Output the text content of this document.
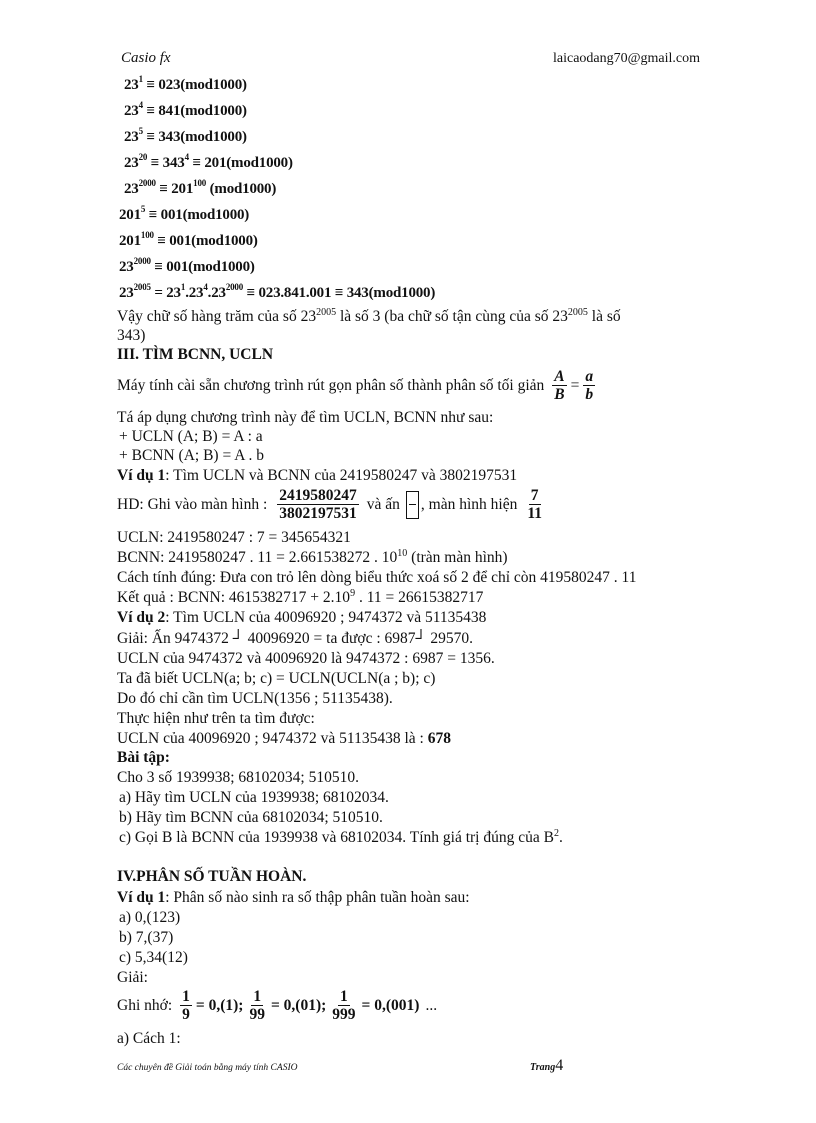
Casio fx	laicaodang70@gmail.com
$23^1 \equiv 023(mod1000)$
$23^4 \equiv 841(mod1000)$
$23^5 \equiv 343(mod1000)$
$23^{20} \equiv 343^4 \equiv 201(mod1000)$
$23^{2000} \equiv 201^{100}$ (mod1000)
$201^5 \equiv 001(mod1000)$
$201^{100} \equiv 001(mod1000)$
$23^{2000} \equiv 001(mod1000)$
$23^{2005} = 23^1.23^4.23^{2000} \equiv 023.841.001 \equiv 343(mod1000)$
Vậy chữ số hàng trăm của số $23^{2005}$ là số 3 (ba chữ số tận cùng của số $23^{2005}$ là số
343)
III. TÌM BCNN, UCLN
Máy tính cài sẵn chương trình rút gọn phân số thành phân số tối giản $\frac{A}{B} = \frac{a}{b}$
Tá áp dụng chương trình này để tìm UCLN, BCNN như sau:
+ UCLN (A; B) = A : a
+ BCNN (A; B) = A . b
Ví dụ 1: Tìm UCLN và BCNN của 2419580247 và 3802197531
HD: Ghi vào màn hình : $\frac{2419580247}{3802197531}$ và ấn , màn hình hiện $\frac{7}{11}$
UCLN: 2419580247 : 7 = 345654321
BCNN: 2419580247 . 11 = 2.661538272 . $10^{10}$ (tràn màn hình)
Cách tính đúng: Đưa con trỏ lên dòng biểu thức xoá số 2 để chỉ còn 419580247 . 11
Kết quả : BCNN: $4615382717 + 2.10^9$ . 11 = 26615382717
Ví dụ 2: Tìm UCLN của 40096920 ; 9474372 và 51135438
Giải: Ấn 9474372 ┘ 40096920 = ta được : 6987┘ 29570.
UCLN của 9474372 và 40096920 là 9474372 : 6987 = 1356.
Ta đã biết UCLN(a; b; c) = UCLN(UCLN(a ; b); c)
Do đó chỉ cần tìm UCLN(1356 ; 51135438).
Thực hiện như trên ta tìm được:
UCLN của 40096920 ; 9474372 và 51135438 là : 678
Bài tập:
Cho 3 số 1939938; 68102034; 510510.
a) Hãy tìm UCLN của 1939938; 68102034.
b) Hãy tìm BCNN của 68102034; 510510.
c) Gọi B là BCNN của 1939938 và 68102034. Tính giá trị đúng của $B^2$.
IV.PHÂN SỐ TUẦN HOÀN.
Ví dụ 1: Phân số nào sinh ra số thập phân tuần hoàn sau:
a) 0,(123)
b) 7,(37)
c) 5,34(12)
Giải:
Ghi nhớ: $\frac{1}{9} = 0,(1)$; $\frac{1}{99} = 0,(01)$; $\frac{1}{999} = 0,(001)$ ...
a) Cách 1:
Các chuyên đề Giải toán bằng máy tính CASIO	Trang4
